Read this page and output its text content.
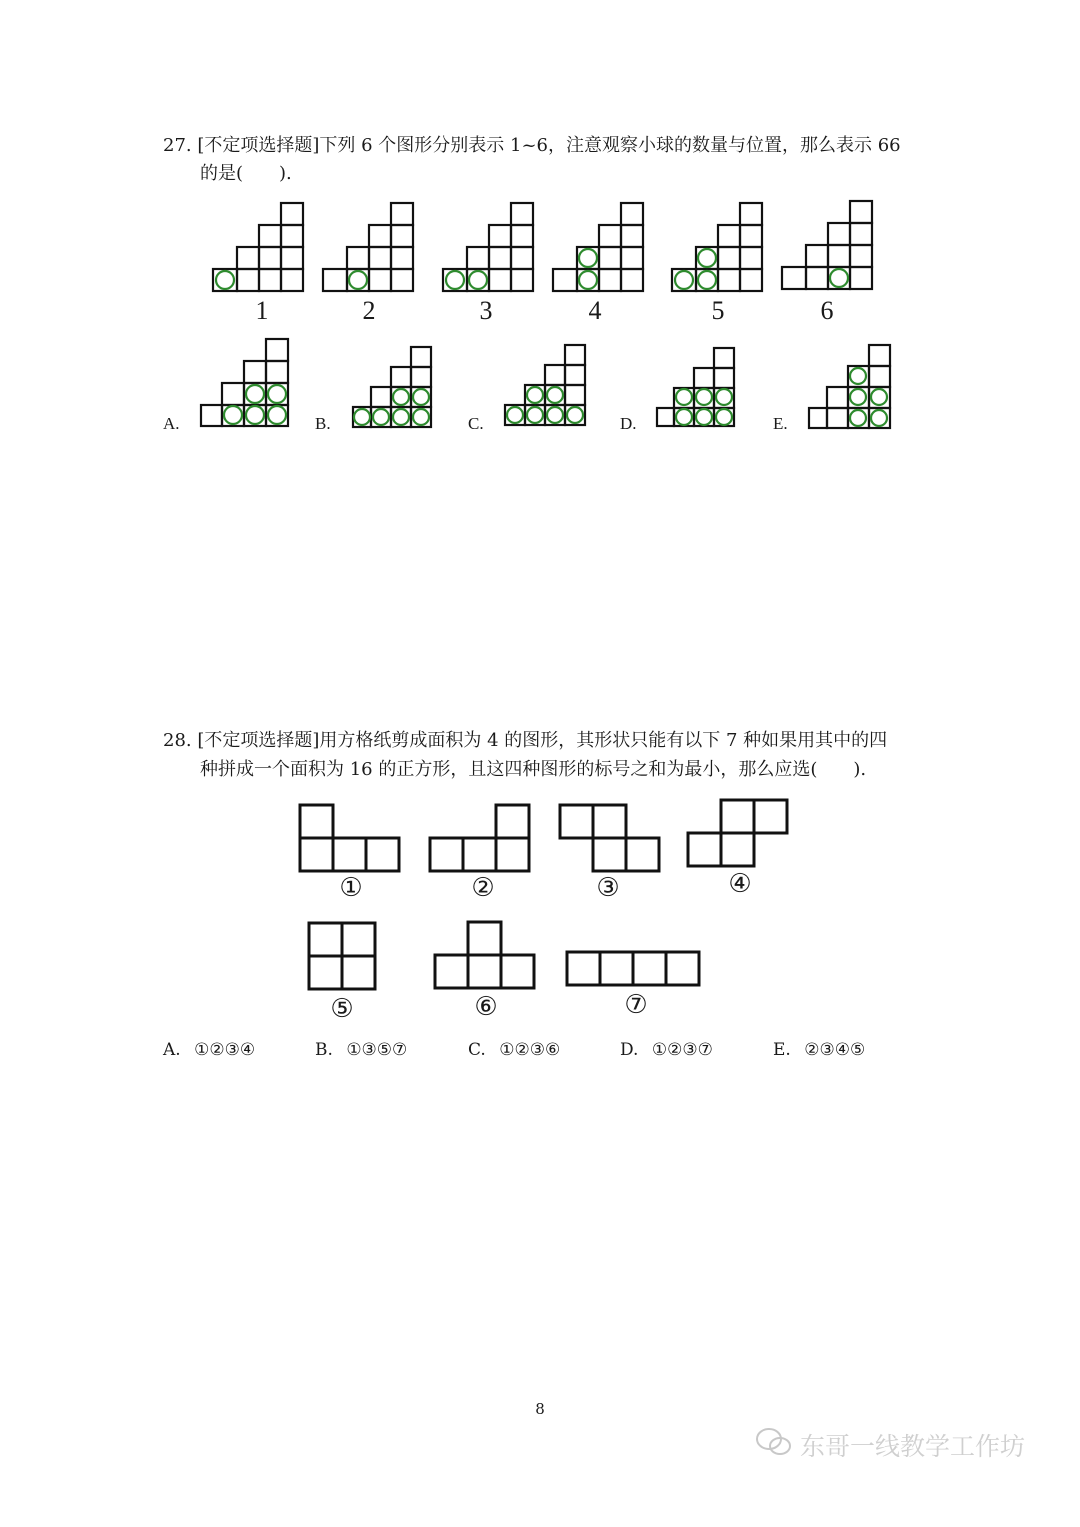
27. [不定项选择题]下列 6 个图形分别表示 1~6，注意观察小球的数量与位置，那么表示 66
的是(　　).
1	2	3	4	5	6
A.	B.	C.	D.	E.
28. [不定项选择题]用方格纸剪成面积为 4 的图形，其形状只能有以下 7 种如果用其中的四
种拼成一个面积为 16 的正方形，且这四种图形的标号之和为最小，那么应选(　　).
①	②	③	④
⑤	⑥	⑦
A. ①②③④	B. ①③⑤⑦	C. ①②③⑥	D. ①②③⑦	E. ②③④⑤
8
东哥一线教学工作坊
